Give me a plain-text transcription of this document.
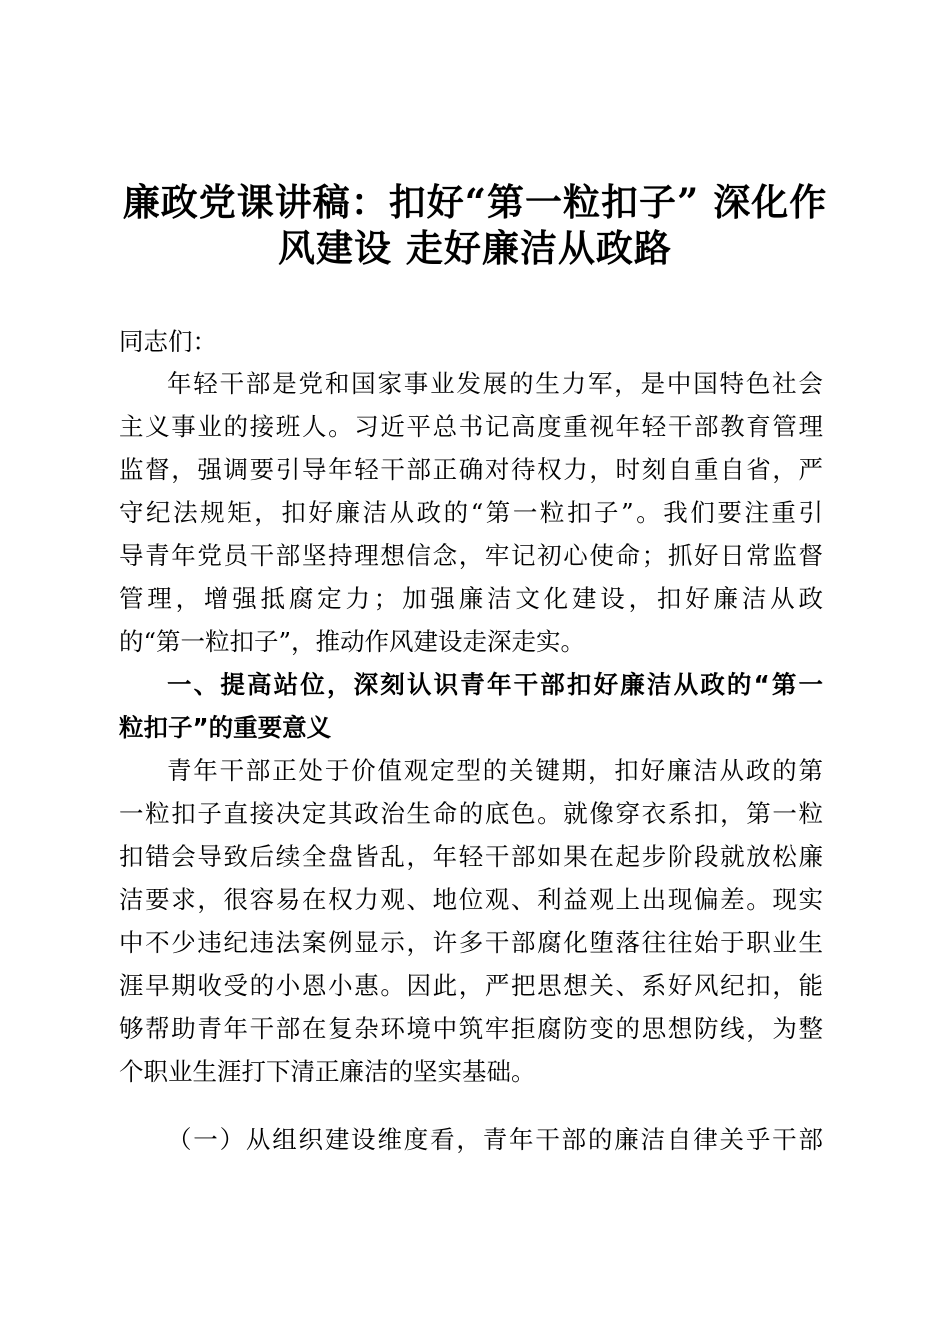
廉政党课讲稿：扣好“第一粒扣子” 深化作
风建设 走好廉洁从政路
同志们：
年轻干部是党和国家事业发展的生力军，是中国特色社会
主义事业的接班人。习近平总书记高度重视年轻干部教育管理
监督，强调要引导年轻干部正确对待权力，时刻自重自省，严
守纪法规矩，扣好廉洁从政的“第一粒扣子”。我们要注重引
导青年党员干部坚持理想信念，牢记初心使命；抓好日常监督
管理，增强抵腐定力；加强廉洁文化建设，扣好廉洁从政
的“第一粒扣子”，推动作风建设走深走实。
一、提高站位，深刻认识青年干部扣好廉洁从政的“第一
粒扣子”的重要意义
青年干部正处于价值观定型的关键期，扣好廉洁从政的第
一粒扣子直接决定其政治生命的底色。就像穿衣系扣，第一粒
扣错会导致后续全盘皆乱，年轻干部如果在起步阶段就放松廉
洁要求，很容易在权力观、地位观、利益观上出现偏差。现实
中不少违纪违法案例显示，许多干部腐化堕落往往始于职业生
涯早期收受的小恩小惠。因此，严把思想关、系好风纪扣，能
够帮助青年干部在复杂环境中筑牢拒腐防变的思想防线，为整
个职业生涯打下清正廉洁的坚实基础。
（一）从组织建设维度看，青年干部的廉洁自律关乎干部
